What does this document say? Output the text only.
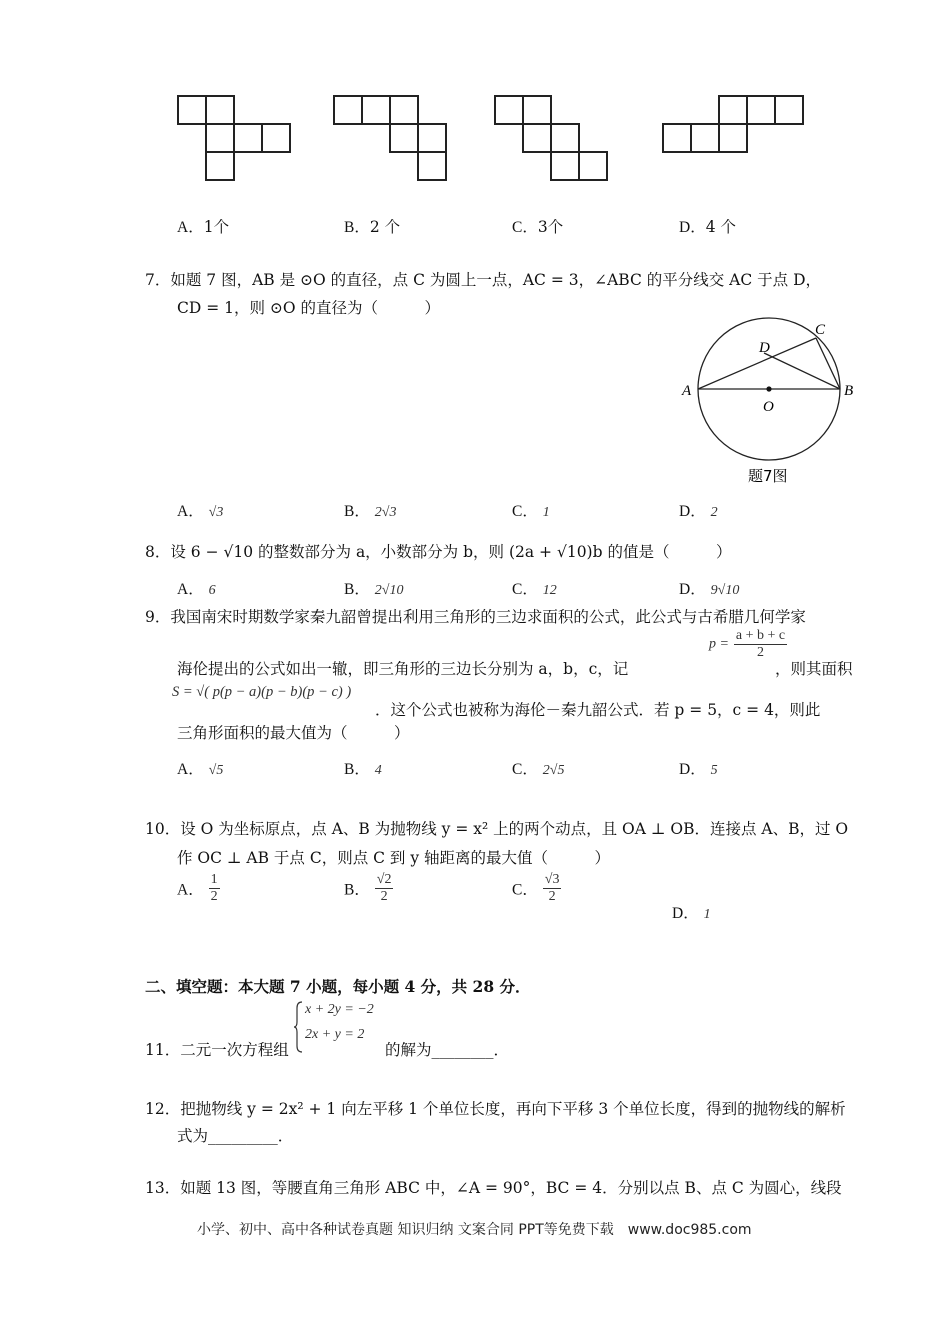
A．1个	B．2 个	C．3个	D．4 个
7．如题 7 图，AB 是 ⊙O 的直径，点 C 为圆上一点，AC = 3，∠ABC 的平分线交 AC 于点 D，
CD = 1，则 ⊙O 的直径为（　　　）
A	B
C
D
O
题7图
A． √3	B． 2√3	C． 1	D． 2
8．设 6 − √10 的整数部分为 a，小数部分为 b，则 (2a + √10)b 的值是（　　　）
A． 6	B． 2√10	C． 12	D． 9√10
9．我国南宋时期数学家秦九韶曾提出利用三角形的三边求面积的公式，此公式与古希腊几何学家
海伦提出的公式如出一辙，即三角形的三边长分别为 a，b，c，记
$p = \frac{a + b + c}{2}$
，则其面积
S = √( p(p − a)(p − b)(p − c) )
．这个公式也被称为海伦－秦九韶公式．若 p = 5，c = 4，则此
三角形面积的最大值为（　　　）
A． √5	B． 4	C． 2√5	D． 5
10．设 O 为坐标原点，点 A、B 为抛物线 y = x² 上的两个动点，且 OA ⊥ OB．连接点 A、B，过 O
作 OC ⊥ AB 于点 C，则点 C 到 y 轴距离的最大值（　　　）
A． $\frac{1}{2}$	B． $\frac{√2}{2}$	C． $\frac{√3}{2}$
D． 1
二、填空题：本大题 7 小题，每小题 4 分，共 28 分．
11．二元一次方程组
x + 2y = −2
2x + y = 2
的解为________．
12．把抛物线 y = 2x² + 1 向左平移 1 个单位长度，再向下平移 3 个单位长度，得到的抛物线的解析
式为_________．
13．如题 13 图，等腰直角三角形 ABC 中，∠A = 90°，BC = 4．分别以点 B、点 C 为圆心，线段
小学、初中、高中各种试卷真题 知识归纳 文案合同 PPT等免费下载　www.doc985.com
